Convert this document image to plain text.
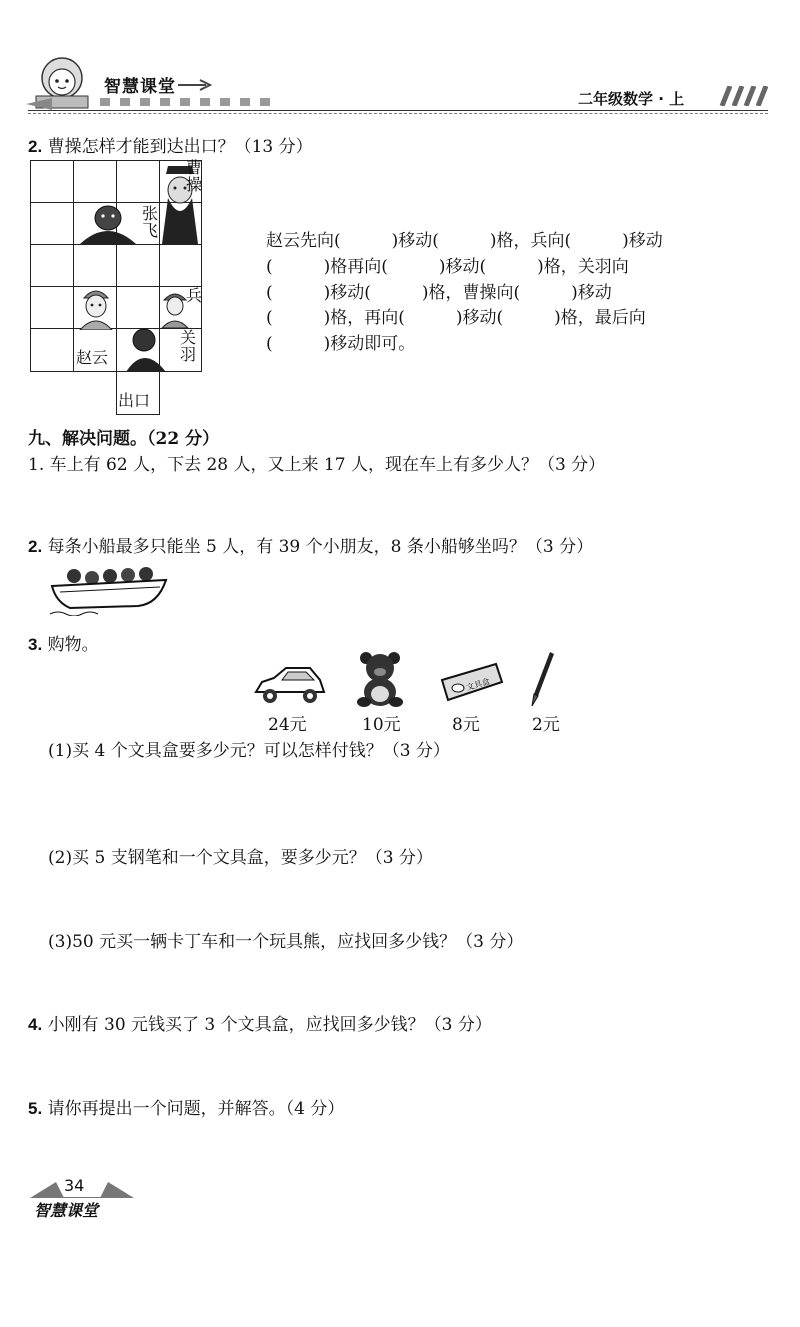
智慧课堂
二年级数学 · 上
2. 曹操怎样才能到达出口？（13 分）
曹操
张飞
赵云
兵
关羽
出口
赵云先向(　　　)移动(　　　)格，兵向(　　　)移动
(　　　)格再向(　　　)移动(　　　)格，关羽向
(　　　)移动(　　　)格，曹操向(　　　)移动
(　　　)格，再向(　　　)移动(　　　)格，最后向
(　　　)移动即可。
九、解决问题。（22 分）
1. 车上有 62 人，下去 28 人，又上来 17 人，现在车上有多少人？（3 分）
2. 每条小船最多只能坐 5 人，有 39 个小朋友，8 条小船够坐吗？（3 分）
3. 购物。
24元	10元
文具盒
8元	2元
(1)买 4 个文具盒要多少元？可以怎样付钱？（3 分）
(2)买 5 支钢笔和一个文具盒，要多少元？（3 分）
(3)50 元买一辆卡丁车和一个玩具熊，应找回多少钱？（3 分）
4. 小刚有 30 元钱买了 3 个文具盒，应找回多少钱？（3 分）
5. 请你再提出一个问题，并解答。（4 分）
34
智慧课堂
